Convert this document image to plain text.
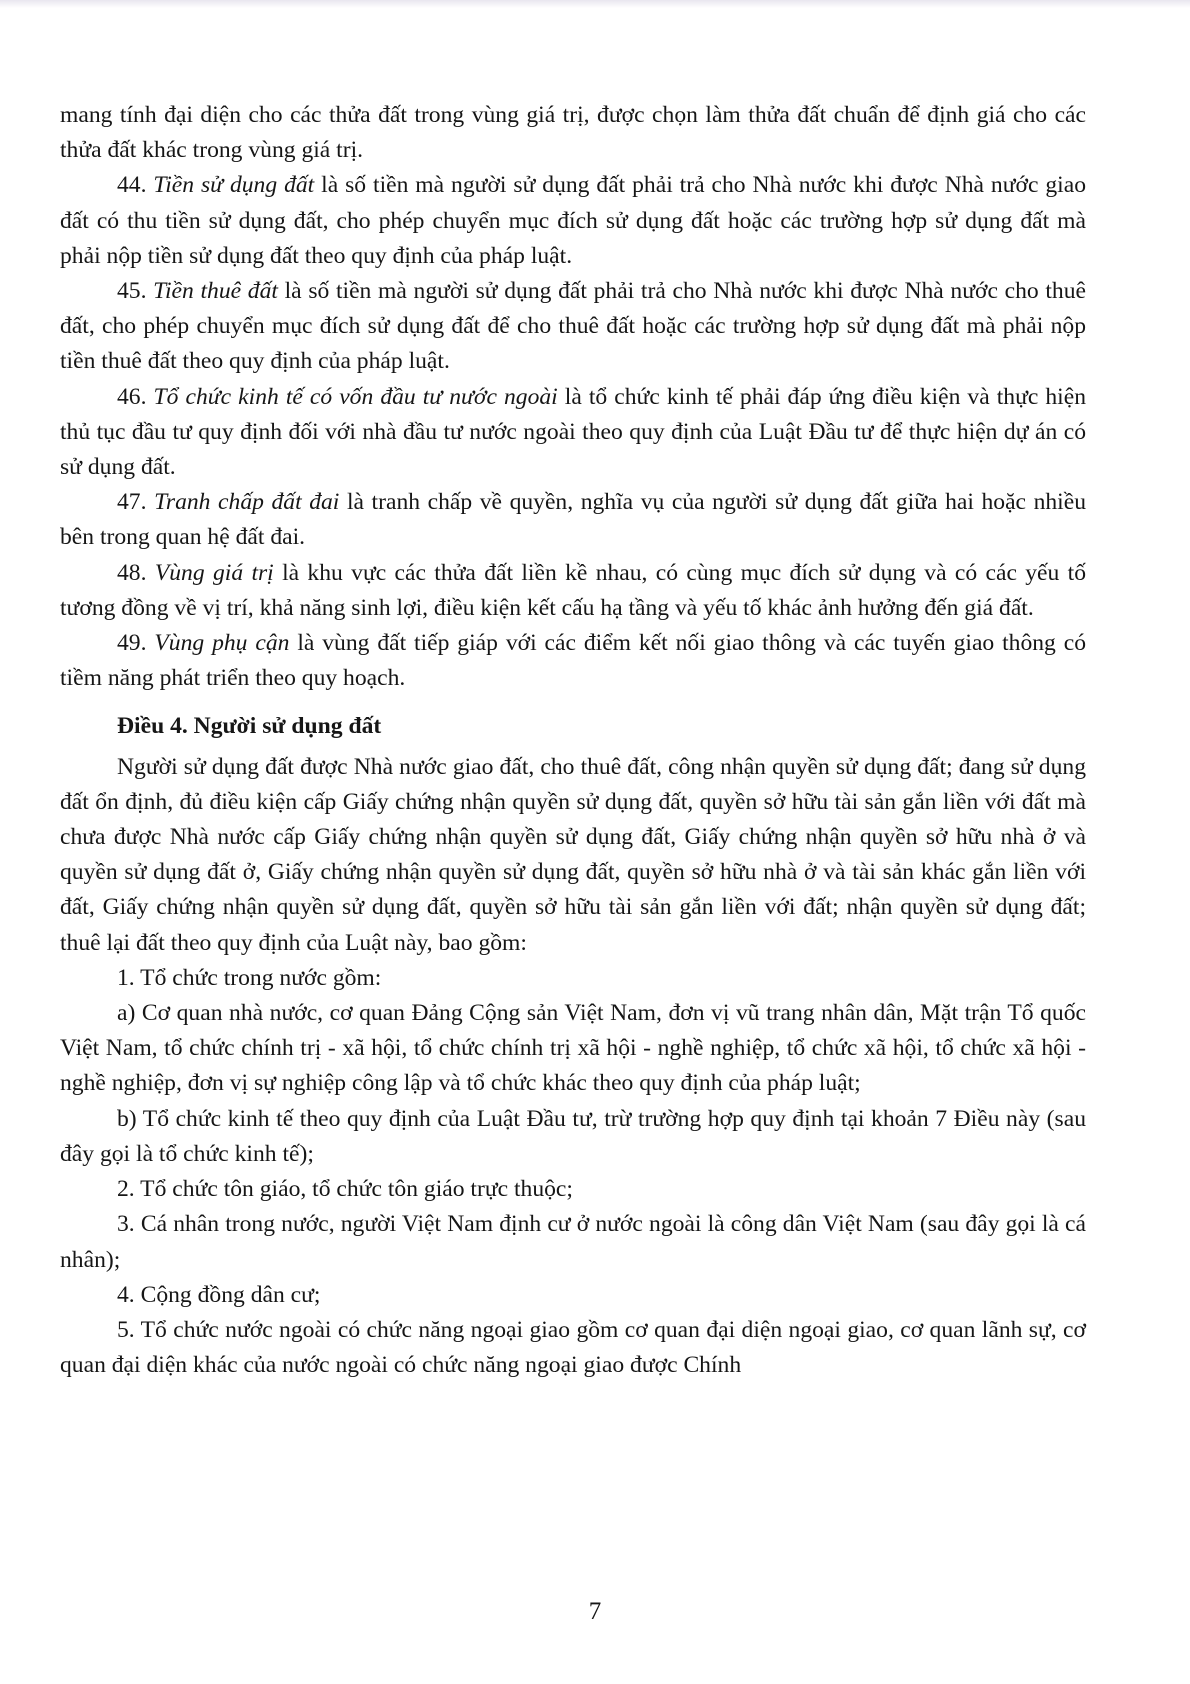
mang tính đại diện cho các thửa đất trong vùng giá trị, được chọn làm thửa đất chuẩn để định giá cho các thửa đất khác trong vùng giá trị.

44. Tiền sử dụng đất là số tiền mà người sử dụng đất phải trả cho Nhà nước khi được Nhà nước giao đất có thu tiền sử dụng đất, cho phép chuyển mục đích sử dụng đất hoặc các trường hợp sử dụng đất mà phải nộp tiền sử dụng đất theo quy định của pháp luật.

45. Tiền thuê đất là số tiền mà người sử dụng đất phải trả cho Nhà nước khi được Nhà nước cho thuê đất, cho phép chuyển mục đích sử dụng đất để cho thuê đất hoặc các trường hợp sử dụng đất mà phải nộp tiền thuê đất theo quy định của pháp luật.

46. Tổ chức kinh tế có vốn đầu tư nước ngoài là tổ chức kinh tế phải đáp ứng điều kiện và thực hiện thủ tục đầu tư quy định đối với nhà đầu tư nước ngoài theo quy định của Luật Đầu tư để thực hiện dự án có sử dụng đất.

47. Tranh chấp đất đai là tranh chấp về quyền, nghĩa vụ của người sử dụng đất giữa hai hoặc nhiều bên trong quan hệ đất đai.

48. Vùng giá trị là khu vực các thửa đất liền kề nhau, có cùng mục đích sử dụng và có các yếu tố tương đồng về vị trí, khả năng sinh lợi, điều kiện kết cấu hạ tầng và yếu tố khác ảnh hưởng đến giá đất.

49. Vùng phụ cận là vùng đất tiếp giáp với các điểm kết nối giao thông và các tuyến giao thông có tiềm năng phát triển theo quy hoạch.

Điều 4. Người sử dụng đất

Người sử dụng đất được Nhà nước giao đất, cho thuê đất, công nhận quyền sử dụng đất; đang sử dụng đất ổn định, đủ điều kiện cấp Giấy chứng nhận quyền sử dụng đất, quyền sở hữu tài sản gắn liền với đất mà chưa được Nhà nước cấp Giấy chứng nhận quyền sử dụng đất, Giấy chứng nhận quyền sở hữu nhà ở và quyền sử dụng đất ở, Giấy chứng nhận quyền sử dụng đất, quyền sở hữu nhà ở và tài sản khác gắn liền với đất, Giấy chứng nhận quyền sử dụng đất, quyền sở hữu tài sản gắn liền với đất; nhận quyền sử dụng đất; thuê lại đất theo quy định của Luật này, bao gồm:

1. Tổ chức trong nước gồm:

a) Cơ quan nhà nước, cơ quan Đảng Cộng sản Việt Nam, đơn vị vũ trang nhân dân, Mặt trận Tổ quốc Việt Nam, tổ chức chính trị - xã hội, tổ chức chính trị xã hội - nghề nghiệp, tổ chức xã hội, tổ chức xã hội - nghề nghiệp, đơn vị sự nghiệp công lập và tổ chức khác theo quy định của pháp luật;

b) Tổ chức kinh tế theo quy định của Luật Đầu tư, trừ trường hợp quy định tại khoản 7 Điều này (sau đây gọi là tổ chức kinh tế);

2. Tổ chức tôn giáo, tổ chức tôn giáo trực thuộc;

3. Cá nhân trong nước, người Việt Nam định cư ở nước ngoài là công dân Việt Nam (sau đây gọi là cá nhân);

4. Cộng đồng dân cư;

5. Tổ chức nước ngoài có chức năng ngoại giao gồm cơ quan đại diện ngoại giao, cơ quan lãnh sự, cơ quan đại diện khác của nước ngoài có chức năng ngoại giao được Chính

7
